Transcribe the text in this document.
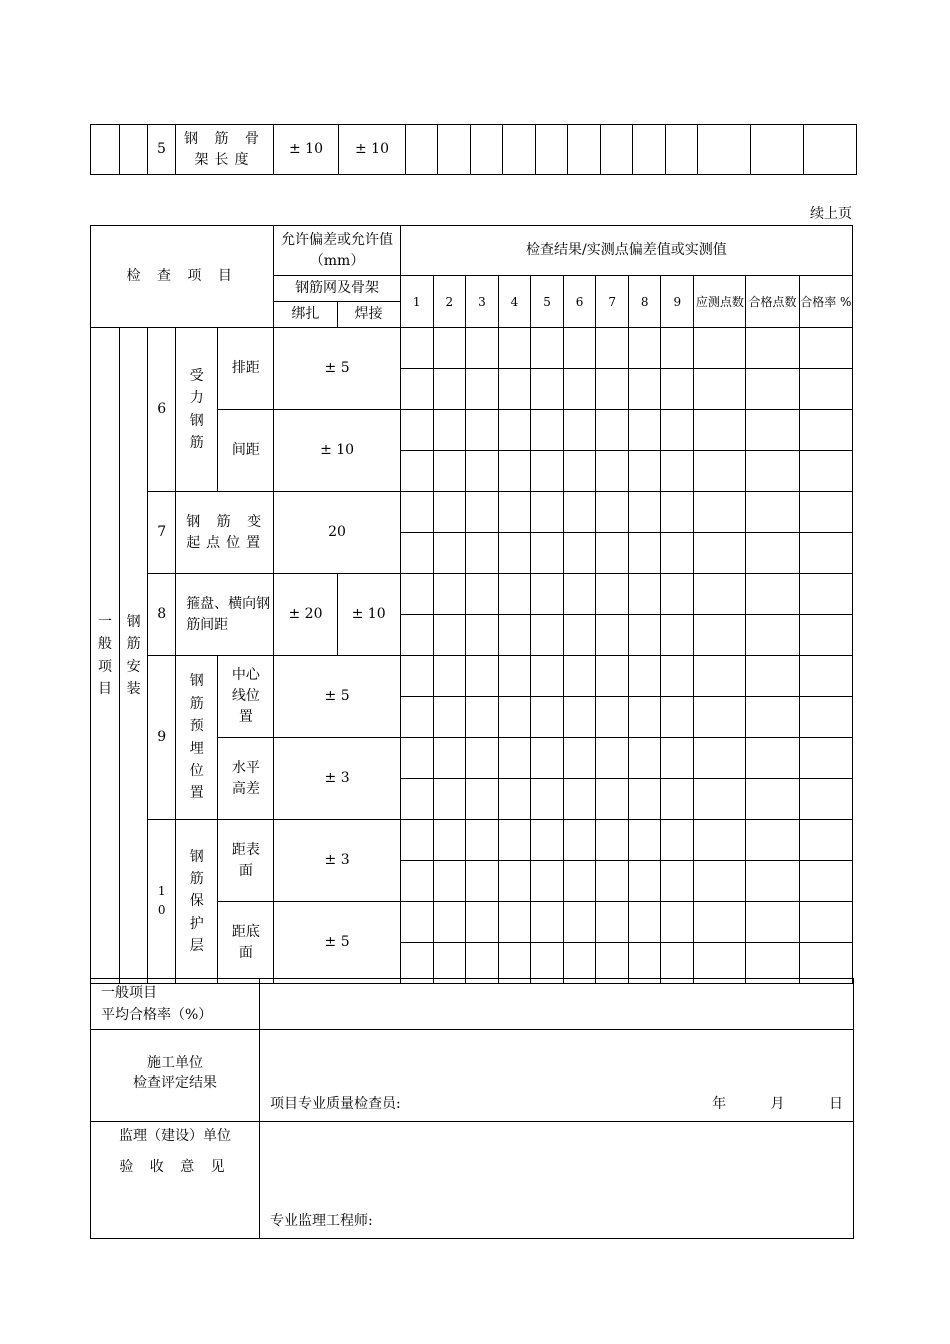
		5	钢 筋 骨 架长度	± 10	± 10												
续上页
检 查 项 目					允许偏差或允许值（mm）		检查结果/实测点偏差值或实测值											
					钢筋网及骨架		1	2	3	4	5	6	7	8	9	应测点数	合格点数	合格率 %
					绑扎	焊接												
一般项目	钢筋安装	6	受力钢筋	排距	± 5													

				间距	± 10													

		7	钢 筋 变 起点位置		20													

		8	箍盘、横向钢筋间距		± 20	± 10												

		9	钢筋预埋位置	中心线位置	± 5													

				水平高差	± 3													

		10	钢筋保护层	距表面	± 3													

				距底面	± 5													

一般项目
平均合格率（%）	
施工单位
检查评定结果	项目专业质量检查员: 年 月 日

监理（建设）单位
验 收 意 见	专业监理工程师:
